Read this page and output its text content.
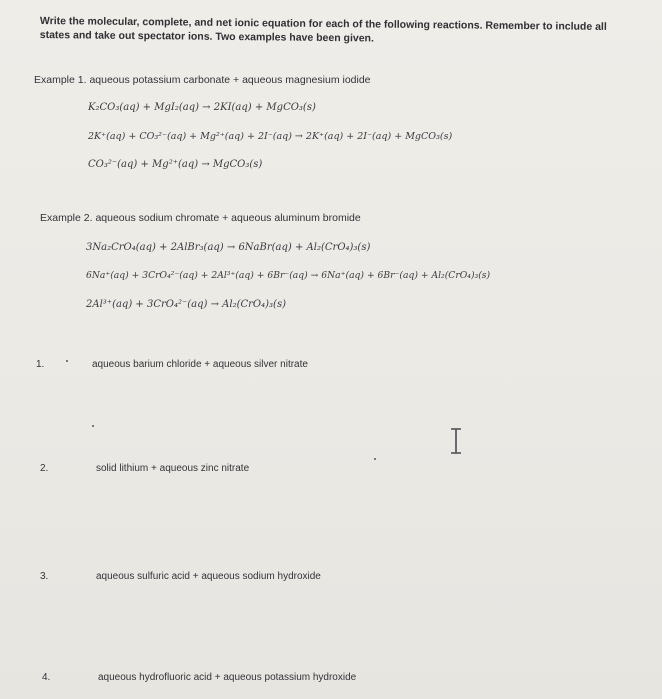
Write the molecular, complete, and net ionic equation for each of the following reactions. Remember to include all states and take out spectator ions. Two examples have been given.
Example 1. aqueous potassium carbonate + aqueous magnesium iodide
K₂CO₃(aq) + MgI₂(aq) → 2KI(aq) + MgCO₃(s)
2K⁺(aq) + CO₃²⁻(aq) + Mg²⁺(aq) + 2I⁻(aq) → 2K⁺(aq) + 2I⁻(aq) + MgCO₃(s)
CO₃²⁻(aq) + Mg²⁺(aq) → MgCO₃(s)
Example 2. aqueous sodium chromate + aqueous aluminum bromide
3Na₂CrO₄(aq) + 2AlBr₃(aq) → 6NaBr(aq) + Al₂(CrO₄)₃(s)
6Na⁺(aq) + 3CrO₄²⁻(aq) + 2Al³⁺(aq) + 6Br⁻(aq) → 6Na⁺(aq) + 6Br⁻(aq) + Al₂(CrO₄)₃(s)
2Al³⁺(aq) + 3CrO₄²⁻(aq) → Al₂(CrO₄)₃(s)
1.	aqueous barium chloride + aqueous silver nitrate
2.	solid lithium + aqueous zinc nitrate
3.	aqueous sulfuric acid + aqueous sodium hydroxide
4.	aqueous hydrofluoric acid + aqueous potassium hydroxide
